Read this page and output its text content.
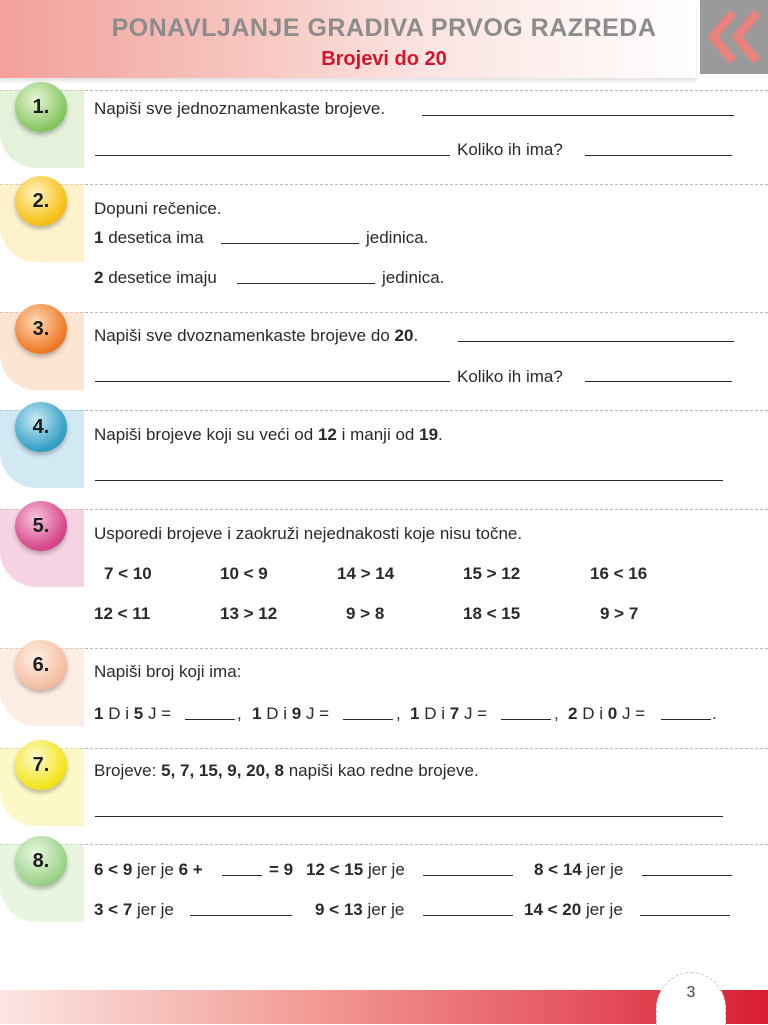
PONAVLJANJE GRADIVA PRVOG RAZREDA
Brojevi do 20
1.	Napiši sve jednoznamenkaste brojeve.
Koliko ih ima?
2.	Dopuni rečenice.
1 desetica ima	jedinica.
2 desetice imaju	jedinica.
3.	Napiši sve dvoznamenkaste brojeve do 20.
Koliko ih ima?
4.	Napiši brojeve koji su veći od 12 i manji od 19.
5.	Usporedi brojeve i zaokruži nejednakosti koje nisu točne.
7 < 10	10 < 9	14 > 14	15 > 12	16 < 16
12 < 11	13 > 12	9 > 8	18 < 15	9 > 7
6.	Napiši broj koji ima:
1 D i 5 J =	, 1 D i 9 J =	, 1 D i 7 J =	, 2 D i 0 J =	.
7.	Brojeve: 5, 7, 15, 9, 20, 8 napiši kao redne brojeve.
8.	6 < 9 jer je 6 +	= 9 12 < 15 jer je	8 < 14 jer je
3 < 7 jer je	9 < 13 jer je	14 < 20 jer je
3
